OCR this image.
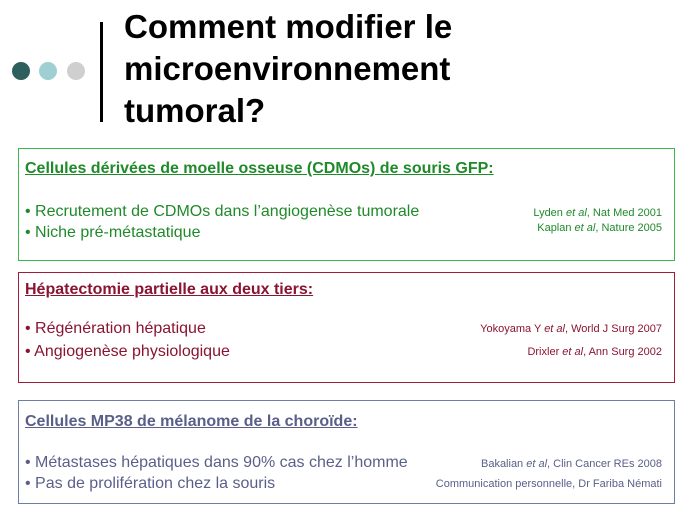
Comment modifier le
microenvironnement
tumoral?
Cellules dérivées de moelle osseuse (CDMOs) de souris GFP:
• Recrutement de CDMOs dans l’angiogenèse tumorale
• Niche pré-métastatique
Lyden et al, Nat Med 2001
Kaplan et al, Nature 2005
Hépatectomie partielle aux deux tiers:
• Régénération hépatique
• Angiogenèse physiologique
Yokoyama Y et al, World J Surg 2007
Drixler et al, Ann Surg 2002
Cellules MP38 de mélanome de la choroïde:
• Métastases hépatiques dans 90% cas chez l’homme
• Pas de prolifération chez la souris
Bakalian et al, Clin Cancer REs 2008
Communication personnelle, Dr Fariba Némati
